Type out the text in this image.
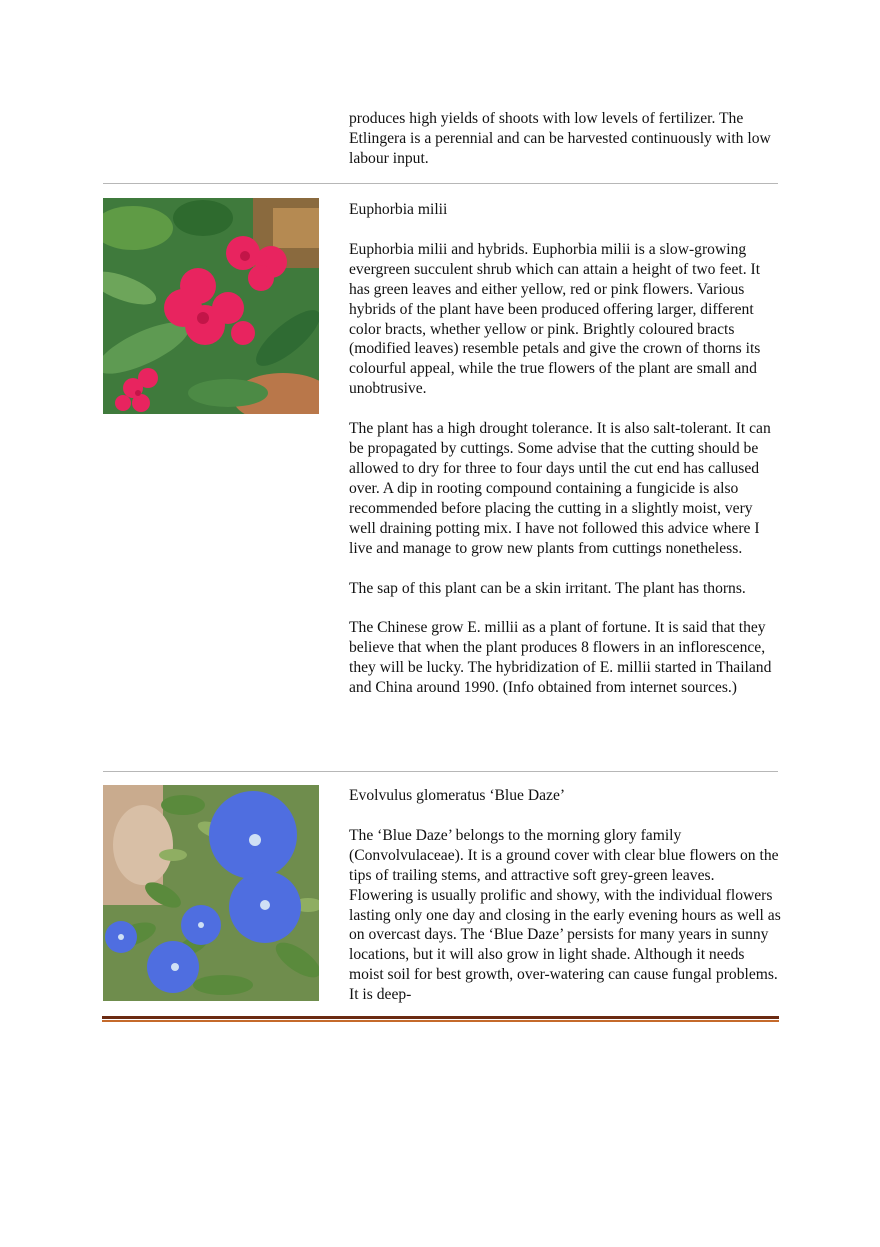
produces high yields of shoots with low levels of fertilizer. The Etlingera is a perennial and can be harvested continuously with low labour input.

Euphorbia milii

Euphorbia milii and hybrids. Euphorbia milii is a slow-growing evergreen succulent shrub which can attain a height of two feet. It has green leaves and either yellow, red or pink flowers. Various hybrids of the plant have been produced offering larger, different color bracts, whether yellow or pink. Brightly coloured bracts (modified leaves) resemble petals and give the crown of thorns its colourful appeal, while the true flowers of the plant are small and unobtrusive.

The plant has a high drought tolerance. It is also salt-tolerant. It can be propagated by cuttings. Some advise that the cutting should be allowed to dry for three to four days until the cut end has callused over. A dip in rooting compound containing a fungicide is also recommended before placing the cutting in a slightly moist, very well draining potting mix. I have not followed this advice where I live and manage to grow new plants from cuttings nonetheless.

The sap of this plant can be a skin irritant. The plant has thorns.

The Chinese grow E. millii as a plant of fortune. It is said that they believe that when the plant produces 8 flowers in an inflorescence, they will be lucky. The hybridization of E. millii started in Thailand and China around 1990. (Info obtained from internet sources.)

Evolvulus glomeratus ‘Blue Daze’

The ‘Blue Daze’ belongs to the morning glory family (Convolvulaceae). It is a ground cover with clear blue flowers on the tips of trailing stems, and attractive soft grey-green leaves. Flowering is usually prolific and showy, with the individual flowers lasting only one day and closing in the early evening hours as well as on overcast days. The ‘Blue Daze’ persists for many years in sunny locations, but it will also grow in light shade. Although it needs moist soil for best growth, over-watering can cause fungal problems. It is deep-
